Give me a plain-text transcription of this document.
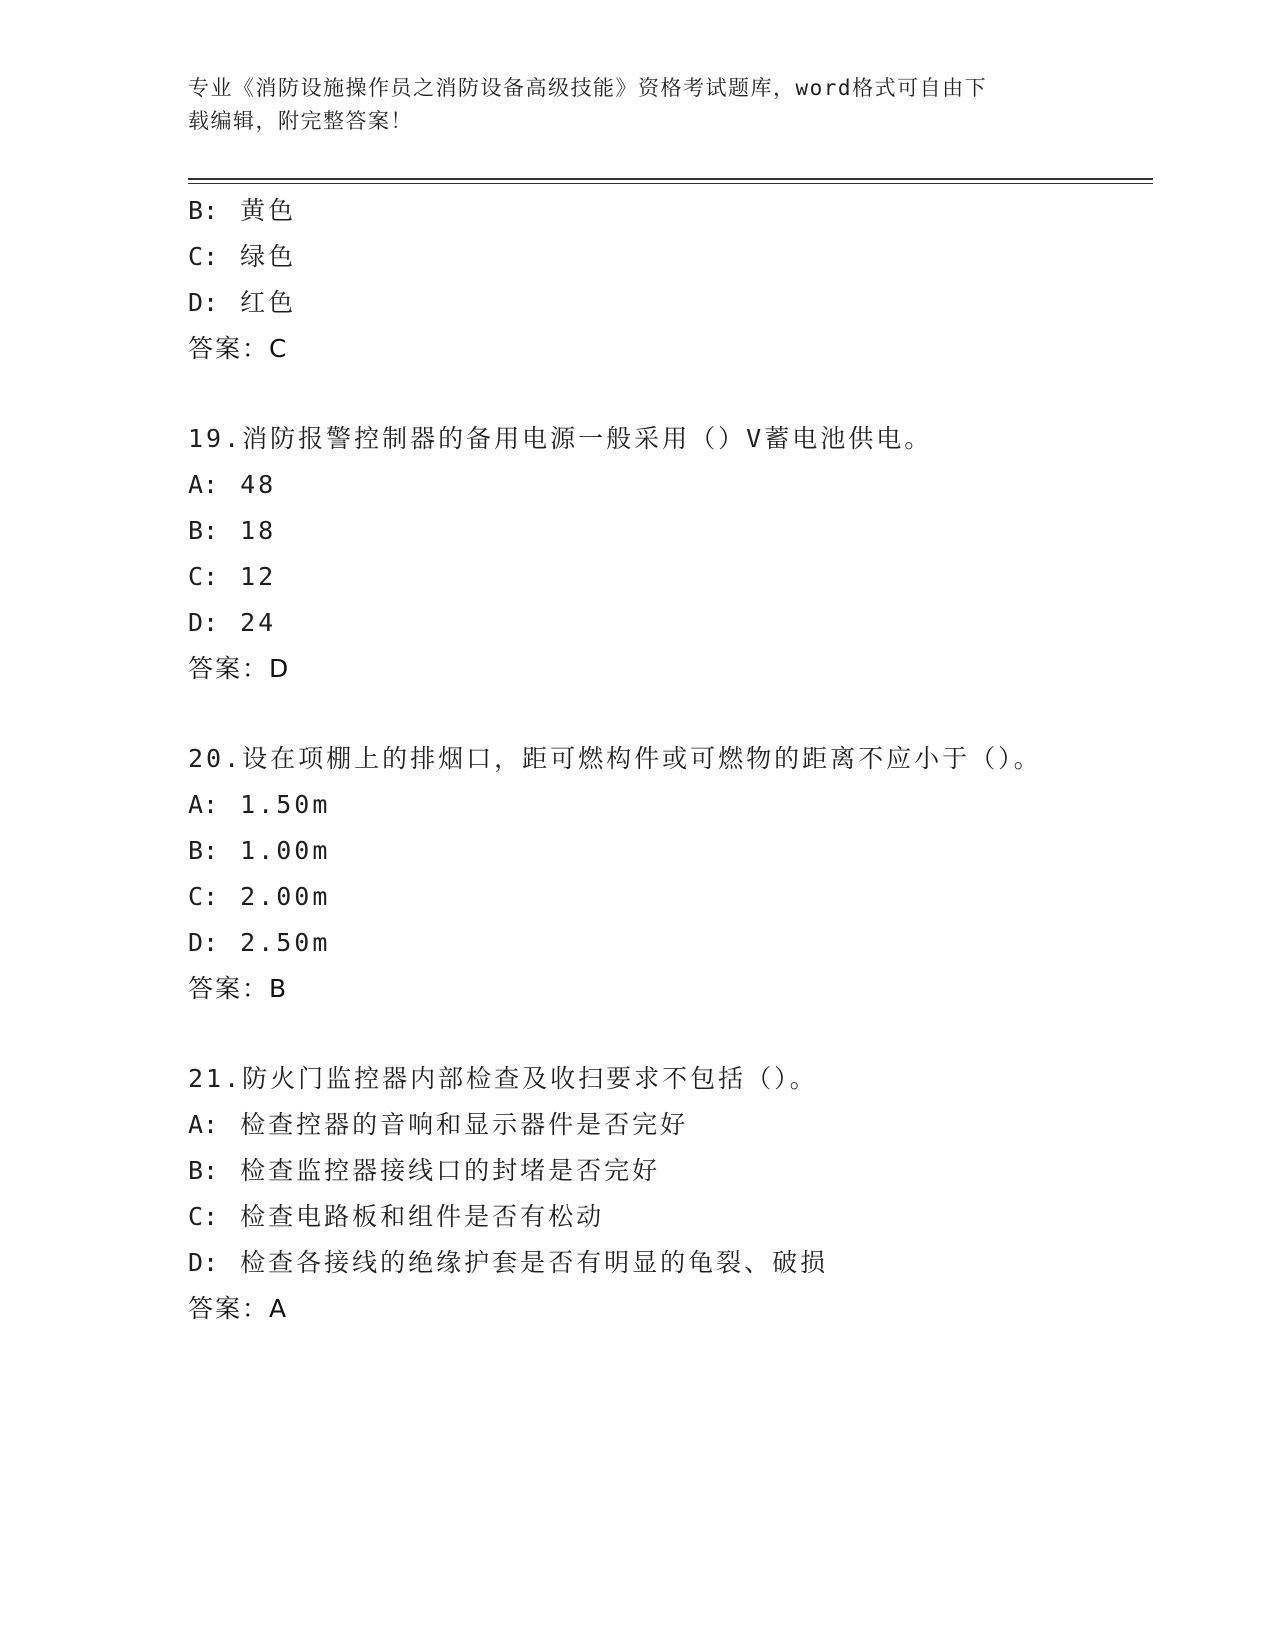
专业《消防设施操作员之消防设备高级技能》资格考试题库，word格式可自由下
载编辑，附完整答案！
B: 黄色
C: 绿色
D: 红色
答案：C
19.消防报警控制器的备用电源一般采用（）V蓄电池供电。
A: 48
B: 18
C: 12
D: 24
答案：D
20.设在项棚上的排烟口，距可燃构件或可燃物的距离不应小于（）。
A: 1.50m
B: 1.00m
C: 2.00m
D: 2.50m
答案：B
21.防火门监控器内部检查及收扫要求不包括（）。
A: 检查控器的音响和显示器件是否完好
B: 检查监控器接线口的封堵是否完好
C: 检查电路板和组件是否有松动
D: 检查各接线的绝缘护套是否有明显的龟裂、破损
答案：A
